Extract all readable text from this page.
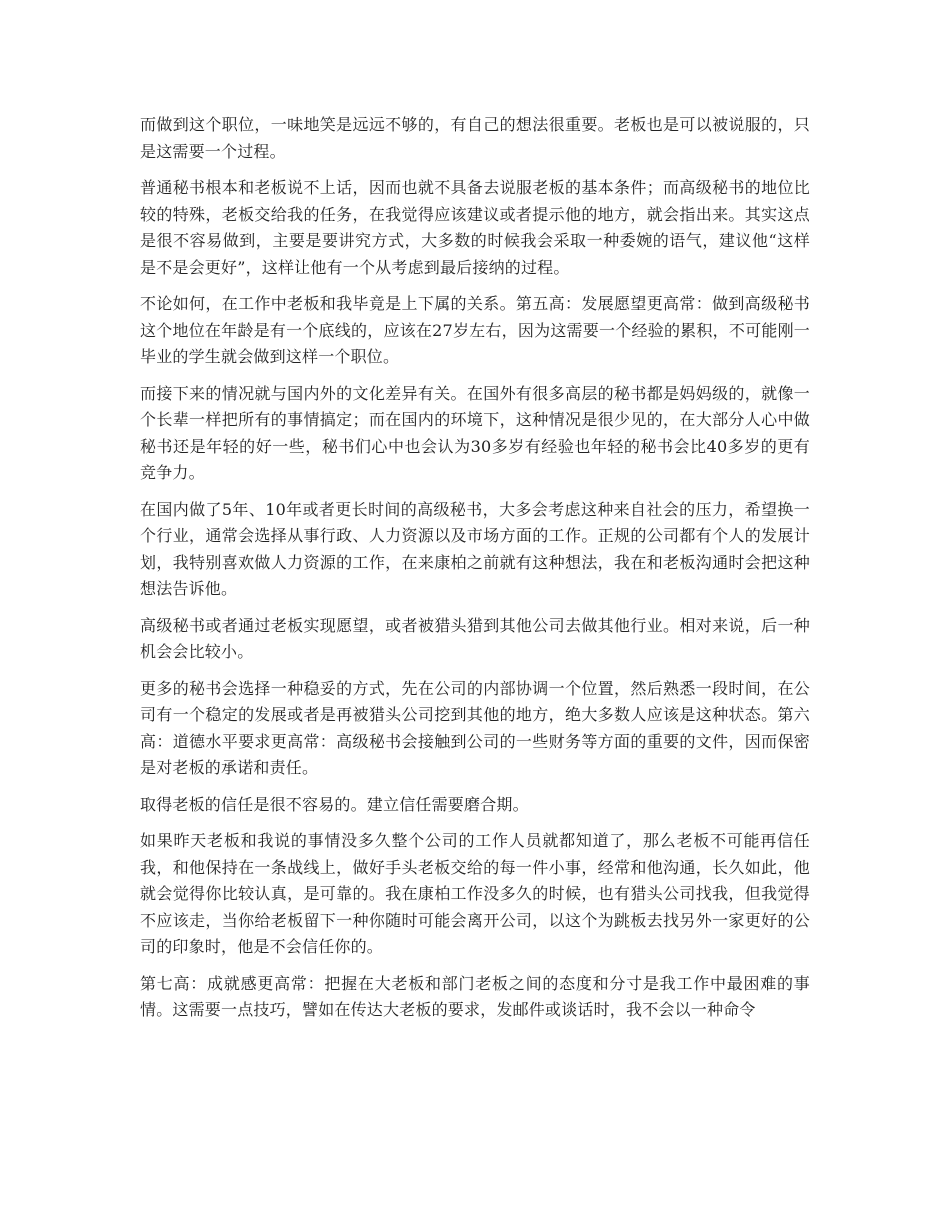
而做到这个职位，一味地笑是远远不够的，有自己的想法很重要。老板也是可以被说服的，只是这需要一个过程。

普通秘书根本和老板说不上话，因而也就不具备去说服老板的基本条件；而高级秘书的地位比较的特殊，老板交给我的任务，在我觉得应该建议或者提示他的地方，就会指出来。其实这点是很不容易做到，主要是要讲究方式，大多数的时候我会采取一种委婉的语气，建议他“这样是不是会更好”，这样让他有一个从考虑到最后接纳的过程。

不论如何，在工作中老板和我毕竟是上下属的关系。第五高：发展愿望更高常：做到高级秘书这个地位在年龄是有一个底线的，应该在27岁左右，因为这需要一个经验的累积，不可能刚一毕业的学生就会做到这样一个职位。

而接下来的情况就与国内外的文化差异有关。在国外有很多高层的秘书都是妈妈级的，就像一个长辈一样把所有的事情搞定；而在国内的环境下，这种情况是很少见的，在大部分人心中做秘书还是年轻的好一些，秘书们心中也会认为30多岁有经验也年轻的秘书会比40多岁的更有竞争力。

在国内做了5年、10年或者更长时间的高级秘书，大多会考虑这种来自社会的压力，希望换一个行业，通常会选择从事行政、人力资源以及市场方面的工作。正规的公司都有个人的发展计划，我特别喜欢做人力资源的工作，在来康柏之前就有这种想法，我在和老板沟通时会把这种想法告诉他。

高级秘书或者通过老板实现愿望，或者被猎头猎到其他公司去做其他行业。相对来说，后一种机会会比较小。

更多的秘书会选择一种稳妥的方式，先在公司的内部协调一个位置，然后熟悉一段时间，在公司有一个稳定的发展或者是再被猎头公司挖到其他的地方，绝大多数人应该是这种状态。第六高：道德水平要求更高常：高级秘书会接触到公司的一些财务等方面的重要的文件，因而保密是对老板的承诺和责任。

取得老板的信任是很不容易的。建立信任需要磨合期。

如果昨天老板和我说的事情没多久整个公司的工作人员就都知道了，那么老板不可能再信任我，和他保持在一条战线上，做好手头老板交给的每一件小事，经常和他沟通，长久如此，他就会觉得你比较认真，是可靠的。我在康柏工作没多久的时候，也有猎头公司找我，但我觉得不应该走，当你给老板留下一种你随时可能会离开公司，以这个为跳板去找另外一家更好的公司的印象时，他是不会信任你的。

第七高：成就感更高常：把握在大老板和部门老板之间的态度和分寸是我工作中最困难的事情。这需要一点技巧，譬如在传达大老板的要求，发邮件或谈话时，我不会以一种命令
